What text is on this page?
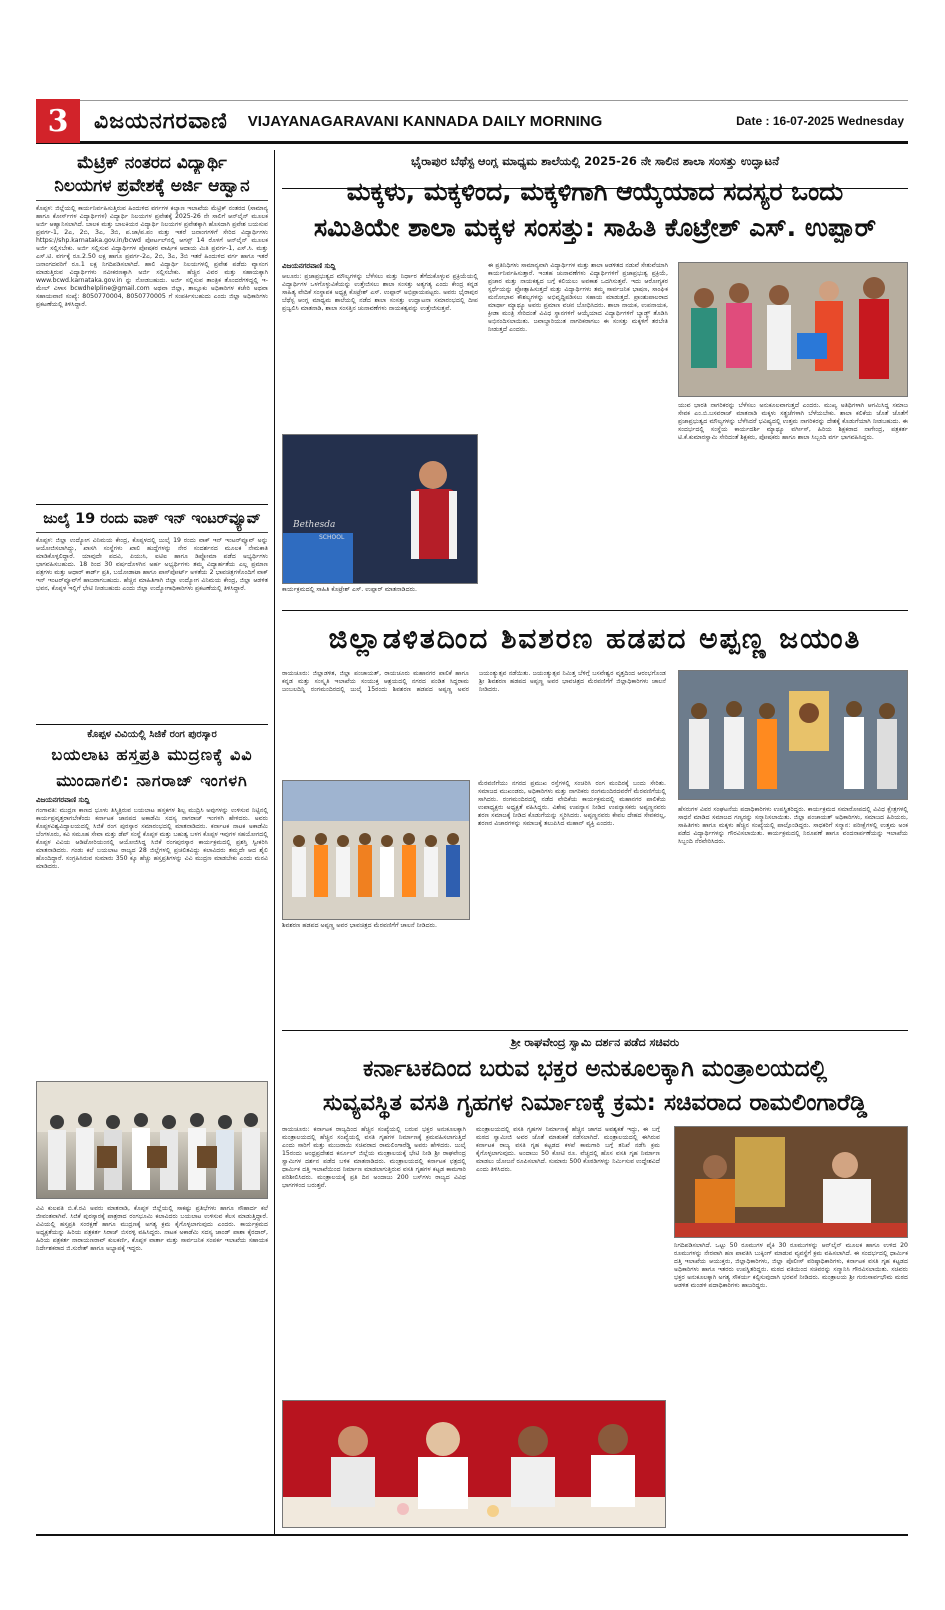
3	ವಿಜಯನಗರವಾಣಿ VIJAYANAGARAVANI KANNADA DAILY MORNING	Date : 16-07-2025 Wednesday
ಮೆಟ್ರಿಕ್ ನಂತರದ ವಿದ್ಯಾರ್ಥಿ
ನಿಲಯಗಳ ಪ್ರವೇಶಕ್ಕೆ ಅರ್ಜಿ ಆಹ್ವಾನ
ಕೊಪ್ಪಳ: ಜಿಲ್ಲೆಯಲ್ಲಿ ಕಾರ್ಯನಿರ್ವಹಿಸುತ್ತಿರುವ ಹಿಂದುಳಿದ ವರ್ಗಗಳ ಕಲ್ಯಾಣ ಇಲಾಖೆಯ ಮೆಟ್ರಿಕ್ ನಂತರದ (ಸಾಮಾನ್ಯ ಹಾಗೂ ಕೋರ್ಸ್‌ಗಳ ವಿದ್ಯಾರ್ಥಿಗಳ) ವಿದ್ಯಾರ್ಥಿ ನಿಲಯಗಳ ಪ್ರವೇಶಕ್ಕೆ 2025-26 ನೇ ಸಾಲಿಗೆ ಆನ್‌ಲೈನ್ ಮೂಲಕ ಅರ್ಜಿ ಆಹ್ವಾನಿಸಲಾಗಿದೆ. ಬಾಲಕ ಮತ್ತು ಬಾಲಕಿಯರ ವಿದ್ಯಾರ್ಥಿ ನಿಲಯಗಳ ಪ್ರವೇಶಕ್ಕಾಗಿ ಹೊಸದಾಗಿ ಪ್ರವೇಶ ಬಯಸುವ ಪ್ರವರ್ಗ-1, 2ಎ, 2ಬಿ, 3ಎ, 3ಬಿ, ಪ.ಜಾ/ಪ.ಪಂ ಮತ್ತು ಇತರೆ ಜನಾಂಗಗಳಿಗೆ ಸೇರಿದ ವಿದ್ಯಾರ್ಥಿಗಳು https://shp.karnataka.gov.in/bcwd ಪೋರ್ಟಲ್‌ನಲ್ಲಿ ಆಗಸ್ಟ್ 14 ರೊಳಗೆ ಆನ್‌ಲೈನ್ ಮೂಲಕ ಅರ್ಜಿ ಸಲ್ಲಿಸಬೇಕು. ಅರ್ಜಿ ಸಲ್ಲಿಸುವ ವಿದ್ಯಾರ್ಥಿಗಳ ಪೋಷಕರ ವಾರ್ಷಿಕ ಆದಾಯ ಮಿತಿ ಪ್ರವರ್ಗ-1, ಎಸ್.ಸಿ. ಮತ್ತು ಎಸ್.ಟಿ. ವರ್ಗಕ್ಕೆ ರೂ.2.50 ಲಕ್ಷ ಹಾಗೂ ಪ್ರವರ್ಗ-2ಎ, 2ಬಿ, 3ಎ, 3ಬಿ ಇತರೆ ಹಿಂದುಳಿದ ವರ್ಗ ಹಾಗೂ ಇತರೆ ಜನಾಂಗದವರಿಗೆ ರೂ.1 ಲಕ್ಷ ನಿಗದಿಪಡಿಸಲಾಗಿದೆ. ಹಾಲಿ ವಿದ್ಯಾರ್ಥಿ ನಿಲಯಗಳಲ್ಲಿ ಪ್ರವೇಶ ಪಡೆದು ವ್ಯಾಸಂಗ ಮಾಡುತ್ತಿರುವ ವಿದ್ಯಾರ್ಥಿಗಳು ನವೀಕರಣಕ್ಕಾಗಿ ಅರ್ಜಿ ಸಲ್ಲಿಸಬೇಕು. ಹೆಚ್ಚಿನ ವಿವರ ಮತ್ತು ಸಹಾಯಕ್ಕಾಗಿ www.bcwd.karnataka.gov.in ನ್ನು ನೋಡಬಹುದು. ಅರ್ಜಿ ಸಲ್ಲಿಸುವ ತಾಂತ್ರಿಕ ತೊಂದರೆಗಳಿದ್ದಲ್ಲಿ ಇ-ಮೇಲ್ ವಿಳಾಸ bcwdhelpline@gmail.com ಅಥವಾ ಜಿಲ್ಲಾ, ತಾಲ್ಲೂಕು ಅಧಿಕಾರಿಗಳ ಕಚೇರಿ ಅಥವಾ ಸಹಾಯವಾಣಿ ಸಂಖ್ಯೆ: 8050770004, 8050770005 ಗೆ ಸಂಪರ್ಕಿಸಬಹುದು ಎಂದು ಜಿಲ್ಲಾ ಅಧಿಕಾರಿಗಳು ಪ್ರಕಟಣೆಯಲ್ಲಿ ತಿಳಿಸಿದ್ದಾರೆ.
ಜುಲೈ 19 ರಂದು ವಾಕ್ ಇನ್ ಇಂಟರ್‌ವ್ಯೂವ್
ಕೊಪ್ಪಳ: ಜಿಲ್ಲಾ ಉದ್ಯೋಗ ವಿನಿಮಯ ಕೇಂದ್ರ, ಕೊಪ್ಪಳದಲ್ಲಿ ಜುಲೈ 19 ರಂದು ವಾಕ್ ಇನ್ ಇಂಟರ್‌ವ್ಯೂವ್ ಅನ್ನು ಆಯೋಜಿಸಲಾಗಿದ್ದು, ಖಾಸಗಿ ಸಂಸ್ಥೆಗಳು ಖಾಲಿ ಹುದ್ದೆಗಳನ್ನು ನೇರ ಸಂದರ್ಶನದ ಮೂಲಕ ನೇಮಕಾತಿ ಮಾಡಿಕೊಳ್ಳಲಿದ್ದಾರೆ. ಯಾವುದೇ ಪದವಿ, ಪಿಯುಸಿ, ಐಟಿಐ ಹಾಗೂ ಡಿಪ್ಲೋಮಾ ಪಡೆದ ಅಭ್ಯರ್ಥಿಗಳು ಭಾಗವಹಿಸಬಹುದು. 18 ರಿಂದ 30 ವರ್ಷದೊಳಗಿನ ಅರ್ಹ ಅಭ್ಯರ್ಥಿಗಳು ತಮ್ಮ ವಿದ್ಯಾರ್ಹತೆಯ ಎಲ್ಲ ಪ್ರಮಾಣ ಪತ್ರಗಳು ಮತ್ತು ಆಧಾರ್ ಕಾರ್ಡ್ ಪ್ರತಿ, ಬಯೋಡಾಟಾ ಹಾಗೂ ಪಾಸ್‌ಪೋರ್ಟ್ ಅಳತೆಯ 2 ಭಾವಚಿತ್ರಗಳೊಂದಿಗೆ ವಾಕ್ ಇನ್ ಇಂಟರ್‌ವ್ಯೂವ್‌ಗೆ ಹಾಜರಾಗಬಹುದು. ಹೆಚ್ಚಿನ ಮಾಹಿತಿಗಾಗಿ ಜಿಲ್ಲಾ ಉದ್ಯೋಗ ವಿನಿಮಯ ಕೇಂದ್ರ, ಜಿಲ್ಲಾ ಆಡಳಿತ ಭವನ, ಕೊಪ್ಪಳ ಇಲ್ಲಿಗೆ ಭೇಟಿ ನೀಡಬಹುದು ಎಂದು ಜಿಲ್ಲಾ ಉದ್ಯೋಗಾಧಿಕಾರಿಗಳು ಪ್ರಕಟಣೆಯಲ್ಲಿ ತಿಳಿಸಿದ್ದಾರೆ.
ಕೊಪ್ಪಳ ವಿವಿಯಲ್ಲಿ ಸಿಜಿಕೆ ರಂಗ ಪುರಸ್ಕಾರ
ಬಯಲಾಟ ಹಸ್ತಪ್ರತಿ ಮುದ್ರಣಕ್ಕೆ ವಿವಿ
ಮುಂದಾಗಲಿ: ನಾಗರಾಜ್ ಇಂಗಳಗಿ
ವಿಜಯನಗರವಾಣಿ ಸುದ್ದಿ
ಗಂಗಾವತಿ: ಮುದ್ರಣ ಕಾಣದ ಭೂಳು ತಿಸ್ಮಿತ್ರಿರುವ ಬಯಲಾಟ ಹಸ್ತಕಗಳ ಶಿಲ್ಪ ಮುದ್ರಿಸಿ ಅವುಗಳನ್ನು ಉಳಿಸುವ ನಿಟ್ಟಿನಲ್ಲಿ ಕಾರ್ಯಪ್ರವೃತ್ತರಾಗಬೇಕೆಂದು ಕರ್ನಾಟಕ ಜಾನಪದ ಅಕಾಡೆಮಿ ಸದಸ್ಯ ನಾಗರಾಜ್ ಇಂಗಳಗಿ ಹೇಳಿದರು. ಅವರು ಕೊಪ್ಪಳವಿಶ್ವವಿದ್ಯಾಲಯದಲ್ಲಿ ಸಿಜಿಕೆ ರಂಗ ಪುರಸ್ಕಾರ ಸಮಾರಂಭದಲ್ಲಿ ಮಾತನಾಡಿದರು. ಕರ್ನಾಟಕ ನಾಟಕ ಅಕಾಡೆಮಿ ಬೆಂಗಳೂರು, ಕವಿ ಸಮೂಹ ಸೇವಾ ಮತ್ತು ಡೆಪ್ ಸಂಸ್ಥೆ ಕೊಪ್ಪಳ ಮತ್ತು ಬಹುತ್ವ ಬಳಗ ಕೊಪ್ಪಳ ಇವುಗಳ ಸಹಯೋಗದಲ್ಲಿ ಕೊಪ್ಪಳ ವಿವಿಯ ಆಡಿಟೋರಿಯಂನಲ್ಲಿ ಆಯೋಜಿಸಿದ್ದ ಸಿಜಿಕೆ ರಂಗಪುರಸ್ಕಾರ ಕಾರ್ಯಕ್ರಮದಲ್ಲಿ ಪ್ರಶಸ್ತಿ ಸ್ವೀಕರಿಸಿ ಮಾತನಾಡಿದರು. ಗಂಡು ಕಲೆ ಬಯಲಾಟ ರಾಜ್ಯದ 28 ಜಿಲ್ಲೆಗಳಲ್ಲಿ ಪ್ರಚಲಿತವಿದ್ದು ಕಲಾವಿದರು ತಮ್ಮದೇ ಆದ ಶೈಲಿ ಹೊಂದಿದ್ದಾರೆ. ಸಂಗ್ರಹಿಸಿರುವ ಸುಮಾರು 350 ಕ್ಕೂ ಹೆಚ್ಚು ಹಸ್ತಪ್ರತಿಗಳನ್ನು ವಿವಿ ಮುದ್ರಣ ಮಾಡಬೇಕು ಎಂದು ಮನವಿ ಮಾಡಿದರು.
ವಿವಿ ಕುಲಪತಿ ಬಿ.ಕೆ.ರವಿ ಅವರು ಮಾತನಾಡಿ, ಕೊಪ್ಪಳ ಜಿಲ್ಲೆಯಲ್ಲಿ ಸಾಕಷ್ಟು ಪ್ರತಿಭೆಗಳು ಹಾಗೂ ಸೌಹಾರ್ದ ಕಲೆ ಜೀವಂತವಾಗಿವೆ. ಸಿಜಿಕೆ ಪುರಸ್ಕಾರಕ್ಕೆ ಪಾತ್ರರಾದ ರಂಗಭೂಮಿ ಕಲಾವಿದರು ಬಯಲಾಟ ಉಳಿಸುವ ಕೆಲಸ ಮಾಡುತ್ತಿದ್ದಾರೆ. ವಿವಿಯಲ್ಲಿ ಹಸ್ತಪ್ರತಿ ಸಂರಕ್ಷಣೆ ಹಾಗೂ ಮುದ್ರಣಕ್ಕೆ ಅಗತ್ಯ ಕ್ರಮ ಕೈಗೊಳ್ಳಲಾಗುವುದು ಎಂದರು. ಕಾರ್ಯಕ್ರಮದ ಅಧ್ಯಕ್ಷತೆಯನ್ನು ಹಿರಿಯ ಪತ್ರಕರ್ತ ಸಿರಾಜ್ ಬಿಸರಳ್ಳಿ ವಹಿಸಿದ್ದರು. ನಾಟಕ ಅಕಾಡೆಮಿ ಸದಸ್ಯ ಜಾಂಡ್ ಪಾಶಾ ಕೈರದಾರ್, ಹಿರಿಯ ಪತ್ರಕರ್ತ ನಾರಾಯಣರಾವ್ ಕುಲಕರ್ಣಿ, ಕೊಪ್ಪಳ ವಾರ್ತಾ ಮತ್ತು ಸಾರ್ವಜನಿಕ ಸಂಪರ್ಕ ಇಲಾಖೆಯ ಸಹಾಯಕ ನಿರ್ದೇಶಕರಾದ ಜಿ.ಸುರೇಶ್ ಹಾಗೂ ಅಭ್ಯಾಪಕ್ಕೆ ಇದ್ದರು.
ಭೈರಾಪುರ ಬೆಥೆಸ್ಟ ಆಂಗ್ಲ ಮಾಧ್ಯಮ ಶಾಲೆಯಲ್ಲಿ 2025-26 ನೇ ಸಾಲಿನ ಶಾಲಾ ಸಂಸತ್ತು ಉದ್ಘಾಟನೆ
ಮಕ್ಕಳು, ಮಕ್ಕಳಿಂದ, ಮಕ್ಕಳಿಗಾಗಿ ಆಯ್ಕೆಯಾದ ಸದಸ್ಯರ ಒಂದು
ಸಮಿತಿಯೇ ಶಾಲಾ ಮಕ್ಕಳ ಸಂಸತ್ತು: ಸಾಹಿತಿ ಕೊಟ್ರೇಶ್ ಎಸ್. ಉಪ್ಪಾರ್
ವಿಜಯನಗರವಾಣಿ ಸುದ್ದಿ
ಆಲೂರು: ಪ್ರಜಾಪ್ರಭುತ್ವದ ಮೌಲ್ಯಗಳನ್ನು ಬೆಳೆಸಲು ಮತ್ತು ನಿರ್ಧಾರ ತೆಗೆದುಕೊಳ್ಳುವ ಪ್ರಕ್ರಿಯೆಯಲ್ಲಿ ವಿದ್ಯಾರ್ಥಿಗಳ ಒಳಗೊಳ್ಳುವಿಕೆಯನ್ನು ಉತ್ತೇಜಿಸಲು ಶಾಲಾ ಸಂಸತ್ತು ಅತ್ಯಗತ್ಯ ಎಂದು ಕೇಂದ್ರ ಕನ್ನಡ ಸಾಹಿತ್ಯ ವೇದಿಕೆ ಸಂಸ್ಥಾಪಕ ಅಧ್ಯಕ್ಷ ಕೊಟ್ರೇಶ್ ಎಸ್. ಉಪ್ಪಾರ್ ಅಭಿಪ್ರಾಯಪಟ್ಟರು. ಅವರು ಭೈರಾಪುರ ಬೆಥೆಸ್ಟ ಆಂಗ್ಲ ಮಾಧ್ಯಮ ಶಾಲೆಯಲ್ಲಿ ನಡೆದ ಶಾಲಾ ಸಂಸತ್ತು ಉದ್ಘಾಟನಾ ಸಮಾರಂಭದಲ್ಲಿ ದೀಪ ಪ್ರಜ್ವಲಿಸಿ ಮಾತನಾಡಿ, ಶಾಲಾ ಸಂಸತ್ತಿನ ಚುನಾವಣೆಗಳು ನಾಯಕತ್ವವನ್ನು ಉತ್ತೇಜಿಸುತ್ತವೆ.
Bethesda
SCHOOL
ಕಾರ್ಯಕ್ರಮದಲ್ಲಿ ಸಾಹಿತಿ ಕೊಟ್ರೇಶ್ ಎಸ್. ಉಪ್ಪಾರ್ ಮಾತನಾಡಿದರು.
ಈ ಪ್ರತಿನಿಧಿಗಳು ಸಾಮಾನ್ಯವಾಗಿ ವಿದ್ಯಾರ್ಥಿಗಳ ಮತ್ತು ಶಾಲಾ ಆಡಳಿತದ ನಡುವೆ ಸೇತುವೆಯಾಗಿ ಕಾರ್ಯನಿರ್ವಹಿಸುತ್ತಾರೆ. ಇಂತಹ ಚುನಾವಣೆಗಳು ವಿದ್ಯಾರ್ಥಿಗಳಿಗೆ ಪ್ರಜಾಪ್ರಭುತ್ವ ಪ್ರಕ್ರಿಯೆ, ಪ್ರಚಾರ ಮತ್ತು ನಾಯಕತ್ವದ ಬಗ್ಗೆ ಕಲಿಯಲು ಅವಕಾಶ ಒದಗಿಸುತ್ತವೆ. ಇದು ಆರೋಗ್ಯಕರ ಸ್ಪರ್ಧೆಯನ್ನು ಪ್ರೋತ್ಸಾಹಿಸುತ್ತದೆ ಮತ್ತು ವಿದ್ಯಾರ್ಥಿಗಳು ತಮ್ಮ ಸಾರ್ವಜನಿಕ ಭಾಷಣ, ಸಾಂಘಿಕ ಮನೋಭಾವ ಕೌಶಲ್ಯಗಳನ್ನು ಅಭಿವೃದ್ಧಿಪಡಿಸಲು ಸಹಾಯ ಮಾಡುತ್ತದೆ. ಪ್ರಾಂಶುಪಾಲರಾದ ಮಾರ್ಥಾ ಮ್ಯಾಥ್ಯೂ ಅವರು ಪ್ರಮಾಣ ವಚನ ಬೋಧಿಸಿದರು. ಶಾಲಾ ನಾಯಕ, ಉಪನಾಯಕ, ಕ್ರೀಡಾ ಮಂತ್ರಿ ಸೇರಿದಂತೆ ವಿವಿಧ ಸ್ಥಾನಗಳಿಗೆ ಆಯ್ಕೆಯಾದ ವಿದ್ಯಾರ್ಥಿಗಳಿಗೆ ಬ್ಯಾಡ್ಜ್ ತೊಡಿಸಿ ಅಭಿನಂದಿಸಲಾಯಿತು. ಜವಾಬ್ದಾರಿಯುತ ನಾಗರಿಕರಾಗಲು ಈ ಸಂಸತ್ತು ಮಕ್ಕಳಿಗೆ ತರಬೇತಿ ನೀಡುತ್ತದೆ ಎಂದರು.
ಯುವ ಭಾರತಿ ನಾಗರಿಕರನ್ನು ಬೆಳೆಸಲು ಅನುಕೂಲವಾಗುತ್ತದೆ ಎಂದರು. ಮುಖ್ಯ ಅತಿಥಿಗಳಾಗಿ ಆಗಮಿಸಿದ್ದ ಸಮಾಜ ಸೇವಕ ಎಂ.ಬಿ.ಬಸವರಾಜ್ ಮಾತನಾಡಿ ಮಕ್ಕಳು ಸತ್ಪ್ರಜೆಗಳಾಗಿ ಬೆಳೆಯಬೇಕು. ಶಾಲಾ ಕಲಿಕೆಯ ಜೊತೆ ಜೊತೆಗೆ ಪ್ರಜಾಪ್ರಭುತ್ವದ ಮೌಲ್ಯಗಳನ್ನು ಬೆಳೆಸಿದರೆ ಭವಿಷ್ಯದಲ್ಲಿ ಉತ್ತಮ ನಾಗರಿಕರನ್ನು ದೇಶಕ್ಕೆ ಕೊಡುಗೆಯಾಗಿ ನೀಡಬಹುದು. ಈ ಸಂದರ್ಭದಲ್ಲಿ ಸಂಸ್ಥೆಯ ಕಾರ್ಯದರ್ಶಿ ಮ್ಯಾಥ್ಯೂ ವರ್ಗೀಸ್, ಹಿರಿಯ ಶಿಕ್ಷಕರಾದ ನಾಗೇಂದ್ರ, ಪತ್ರಕರ್ತ ಟಿ.ಕೆ.ಕುಮಾರಸ್ವಾಮಿ ಸೇರಿದಂತೆ ಶಿಕ್ಷಕರು, ಪೋಷಕರು ಹಾಗೂ ಶಾಲಾ ಸಿಬ್ಬಂದಿ ವರ್ಗ ಭಾಗವಹಿಸಿದ್ದರು.
ಜಿಲ್ಲಾಡಳಿತದಿಂದ ಶಿವಶರಣ ಹಡಪದ ಅಪ್ಪಣ್ಣ ಜಯಂತಿ
ರಾಯಚೂರು: ಜಿಲ್ಲಾಡಳಿತ, ಜಿಲ್ಲಾ ಪಂಚಾಯತ್, ರಾಯಚೂರು ಮಹಾನಗರ ಪಾಲಿಕೆ ಹಾಗೂ ಕನ್ನಡ ಮತ್ತು ಸಂಸ್ಕೃತಿ ಇಲಾಖೆಯ ಸಂಯುಕ್ತ ಆಶ್ರಯದಲ್ಲಿ ನಗರದ ಪಂಡಿತ ಸಿದ್ಧರಾಮ ಜಂಬಲದಿನ್ನಿ ರಂಗಮಂದಿರದಲ್ಲಿ ಜುಲೈ 15ರಂದು ಶಿವಶರಣ ಹಡಪದ ಅಪ್ಪಣ್ಣ ಅವರ ಜಯಂತ್ಯುತ್ಸವ ನಡೆಯಿತು. ಜಯಂತ್ಯುತ್ಸವ ನಿಮಿತ್ತ ಬೆಳಿಗ್ಗೆ ಬಸವೇಶ್ವರ ವೃತ್ತದಿಂದ ಆರಂಭಗೊಂಡ ಶ್ರೀ ಶಿವಶರಣ ಹಡಪದ ಅಪ್ಪಣ್ಣ ಅವರ ಭಾವಚಿತ್ರದ ಮೆರವಣಿಗೆಗೆ ಜಿಲ್ಲಾಧಿಕಾರಿಗಳು ಚಾಲನೆ ನೀಡಿದರು.
ಶಿವಶರಣ ಹಡಪದ ಅಪ್ಪಣ್ಣ ಅವರ ಭಾವಚಿತ್ರದ ಮೆರವಣಿಗೆಗೆ ಚಾಲನೆ ನೀಡಿದರು.
ಮೆರವಣಿಗೆಯು ನಗರದ ಪ್ರಮುಖ ರಸ್ತೆಗಳಲ್ಲಿ ಸಂಚರಿಸಿ ರಂಗ ಮಂದಿರಕ್ಕೆ ಬಂದು ಸೇರಿತು. ಸಮಾಜದ ಮುಖಂಡರು, ಅಧಿಕಾರಿಗಳು ಮತ್ತು ನಾಗರಿಕರು ರಂಗಮಂದಿರದವರೆಗೆ ಮೆರವಣಿಗೆಯಲ್ಲಿ ಸಾಗಿದರು. ರಂಗಮಂದಿರದಲ್ಲಿ ನಡೆದ ವೇದಿಕೆಯ ಕಾರ್ಯಕ್ರಮದಲ್ಲಿ ಮಹಾನಗರ ಪಾಲಿಕೆಯ ಉಪಾಧ್ಯಕ್ಷರು ಅಧ್ಯಕ್ಷತೆ ವಹಿಸಿದ್ದರು. ವಿಶೇಷ ಉಪನ್ಯಾಸ ನೀಡಿದ ಉಪನ್ಯಾಸಕರು ಅಪ್ಪಣ್ಣನವರು ಶರಣ ಸಮಾಜಕ್ಕೆ ನೀಡಿದ ಕೊಡುಗೆಯನ್ನು ಸ್ಮರಿಸಿದರು. ಅಪ್ಪಣ್ಣನವರು ಕೇವಲ ದೇಹದ ಸೇವಕರಲ್ಲ, ಶರಣರ ವಿಚಾರಗಳನ್ನು ಸಮಾಜಕ್ಕೆ ತಲುಪಿಸಿದ ಮಹಾನ್ ವ್ಯಕ್ತಿ ಎಂದರು.
ಹೆಸರುಗಳ ವಿವರ ಸಂಘಟನೆಯ ಪದಾಧಿಕಾರಿಗಳು ಉಪಸ್ಥಿತರಿದ್ದರು. ಕಾರ್ಯಕ್ರಮದ ಸಮಾರೋಪದಲ್ಲಿ ವಿವಿಧ ಕ್ಷೇತ್ರಗಳಲ್ಲಿ ಸಾಧನೆ ಮಾಡಿದ ಸಮಾಜದ ಗಣ್ಯರನ್ನು ಸನ್ಮಾನಿಸಲಾಯಿತು. ಜಿಲ್ಲಾ ಪಂಚಾಯತ್ ಅಧಿಕಾರಿಗಳು, ಸಮಾಜದ ಹಿರಿಯರು, ಸಾಹಿತಿಗಳು ಹಾಗೂ ಮಕ್ಕಳು ಹೆಚ್ಚಿನ ಸಂಖ್ಯೆಯಲ್ಲಿ ಪಾಲ್ಗೊಂಡಿದ್ದರು. ಸಾಧಕರಿಗೆ ಸನ್ಮಾನ: ಪರೀಕ್ಷೆಗಳಲ್ಲಿ ಉತ್ತಮ ಅಂಕ ಪಡೆದ ವಿದ್ಯಾರ್ಥಿಗಳನ್ನು ಗೌರವಿಸಲಾಯಿತು. ಕಾರ್ಯಕ್ರಮದಲ್ಲಿ ನಿರೂಪಣೆ ಹಾಗೂ ವಂದನಾರ್ಪಣೆಯನ್ನು ಇಲಾಖೆಯ ಸಿಬ್ಬಂದಿ ನೆರವೇರಿಸಿದರು.
ಶ್ರೀ ರಾಘವೇಂದ್ರ ಸ್ವಾಮಿ ದರ್ಶನ ಪಡೆದ ಸಚಿವರು
ಕರ್ನಾಟಕದಿಂದ ಬರುವ ಭಕ್ತರ ಅನುಕೂಲಕ್ಕಾಗಿ ಮಂತ್ರಾಲಯದಲ್ಲಿ
ಸುವ್ಯವಸ್ಥಿತ ವಸತಿ ಗೃಹಗಳ ನಿರ್ಮಾಣಕ್ಕೆ ಕ್ರಮ: ಸಚಿವರಾದ ರಾಮಲಿಂಗಾರೆಡ್ಡಿ
ರಾಯಚೂರು: ಕರ್ನಾಟಕ ರಾಜ್ಯದಿಂದ ಹೆಚ್ಚಿನ ಸಂಖ್ಯೆಯಲ್ಲಿ ಬರುವ ಭಕ್ತರ ಅನುಕೂಲಕ್ಕಾಗಿ ಮಂತ್ರಾಲಯದಲ್ಲಿ ಹೆಚ್ಚಿನ ಸಂಖ್ಯೆಯಲ್ಲಿ ವಸತಿ ಗೃಹಗಳ ನಿರ್ಮಾಣಕ್ಕೆ ಕ್ರಮವಹಿಸಲಾಗುತ್ತಿದೆ ಎಂದು ಸಾರಿಗೆ ಮತ್ತು ಮುಜರಾಯಿ ಸಚಿವರಾದ ರಾಮಲಿಂಗಾರೆಡ್ಡಿ ಅವರು ಹೇಳಿದರು. ಜುಲೈ 15ರಂದು ಆಂಧ್ರಪ್ರದೇಶದ ಕರ್ನೂಲ್ ಜಿಲ್ಲೆಯ ಮಂತ್ರಾಲಯಕ್ಕೆ ಭೇಟಿ ನೀಡಿ ಶ್ರೀ ರಾಘವೇಂದ್ರ ಸ್ವಾಮಿಗಳ ದರ್ಶನ ಪಡೆದ ಬಳಿಕ ಮಾತನಾಡಿದರು. ಮಂತ್ರಾಲಯದಲ್ಲಿ ಕರ್ನಾಟಕ ಛತ್ರದಲ್ಲಿ ಧಾರ್ಮಿಕ ದತ್ತಿ ಇಲಾಖೆಯಿಂದ ನಿರ್ಮಾಣ ಮಾಡಲಾಗುತ್ತಿರುವ ವಸತಿ ಗೃಹಗಳ ಕಟ್ಟಡ ಕಾಮಗಾರಿ ಪರಿಶೀಲಿಸಿದರು. ಮಂತ್ರಾಲಯಕ್ಕೆ ಪ್ರತಿ ದಿನ ಅಂದಾಜು 200 ಬಸ್‌ಗಳು ರಾಜ್ಯದ ವಿವಿಧ ಭಾಗಗಳಿಂದ ಬರುತ್ತವೆ.
ಮಂತ್ರಾಲಯದಲ್ಲಿ ವಸತಿ ಗೃಹಗಳ ನಿರ್ಮಾಣಕ್ಕೆ ಹೆಚ್ಚಿನ ಜಾಗದ ಅವಶ್ಯಕತೆ ಇದ್ದು, ಈ ಬಗ್ಗೆ ಮಠದ ಸ್ವಾಮೀಜಿ ಅವರ ಜೊತೆ ಮಾತುಕತೆ ನಡೆಸಲಾಗಿದೆ. ಮಂತ್ರಾಲಯದಲ್ಲಿ ಈಗಿರುವ ಕರ್ನಾಟಕ ರಾಜ್ಯ ವಸತಿ ಗೃಹ ಕಟ್ಟಡದ ಕಳಪೆ ಕಾಮಗಾರಿ ಬಗ್ಗೆ ತನಿಖೆ ನಡೆಸಿ ಕ್ರಮ ಕೈಗೊಳ್ಳಲಾಗುವುದು. ಅಂದಾಜು 50 ಕೋಟಿ ರೂ. ವೆಚ್ಚದಲ್ಲಿ ಹೊಸ ವಸತಿ ಗೃಹ ನಿರ್ಮಾಣ ಮಾಡಲು ಯೋಜನೆ ರೂಪಿಸಲಾಗಿದೆ. ಸುಮಾರು 500 ಕೊಠಡಿಗಳನ್ನು ನಿರ್ಮಿಸುವ ಉದ್ದೇಶವಿದೆ ಎಂದು ತಿಳಿಸಿದರು.
ನಿಗದಿಪಡಿಸಲಾಗಿದೆ. ಒಟ್ಟು 50 ರೂಮುಗಳ ಪೈಕಿ 30 ರೂಮುಗಳನ್ನು ಆನ್‌ಲೈನ್ ಮೂಲಕ ಹಾಗೂ ಉಳಿದ 20 ರೂಮುಗಳನ್ನು ನೇರವಾಗಿ ಹಣ ಪಾವತಿಸಿ ಬುಕ್ಕಿಂಗ್ ಮಾಡುವ ವ್ಯವಸ್ಥೆಗೆ ಕ್ರಮ ವಹಿಸಲಾಗಿದೆ. ಈ ಸಂದರ್ಭದಲ್ಲಿ ಧಾರ್ಮಿಕ ದತ್ತಿ ಇಲಾಖೆಯ ಆಯುಕ್ತರು, ಜಿಲ್ಲಾಧಿಕಾರಿಗಳು, ಜಿಲ್ಲಾ ಪೊಲೀಸ್ ವರಿಷ್ಠಾಧಿಕಾರಿಗಳು, ಕರ್ನಾಟಕ ವಸತಿ ಗೃಹ ಕಟ್ಟಡದ ಅಧಿಕಾರಿಗಳು ಹಾಗೂ ಇತರರು ಉಪಸ್ಥಿತರಿದ್ದರು. ಮಠದ ವತಿಯಿಂದ ಸಚಿವರನ್ನು ಸನ್ಮಾನಿಸಿ ಗೌರವಿಸಲಾಯಿತು. ಸಚಿವರು ಭಕ್ತರ ಅನುಕೂಲಕ್ಕಾಗಿ ಅಗತ್ಯ ಸೌಕರ್ಯ ಕಲ್ಪಿಸುವುದಾಗಿ ಭರವಸೆ ನೀಡಿದರು. ಮಂತ್ರಾಲಯ ಶ್ರೀ ಗುರುಸಾರ್ವಭೌಮ ಮಠದ ಆಡಳಿತ ಮಂಡಳಿ ಪದಾಧಿಕಾರಿಗಳು ಹಾಜರಿದ್ದರು.
